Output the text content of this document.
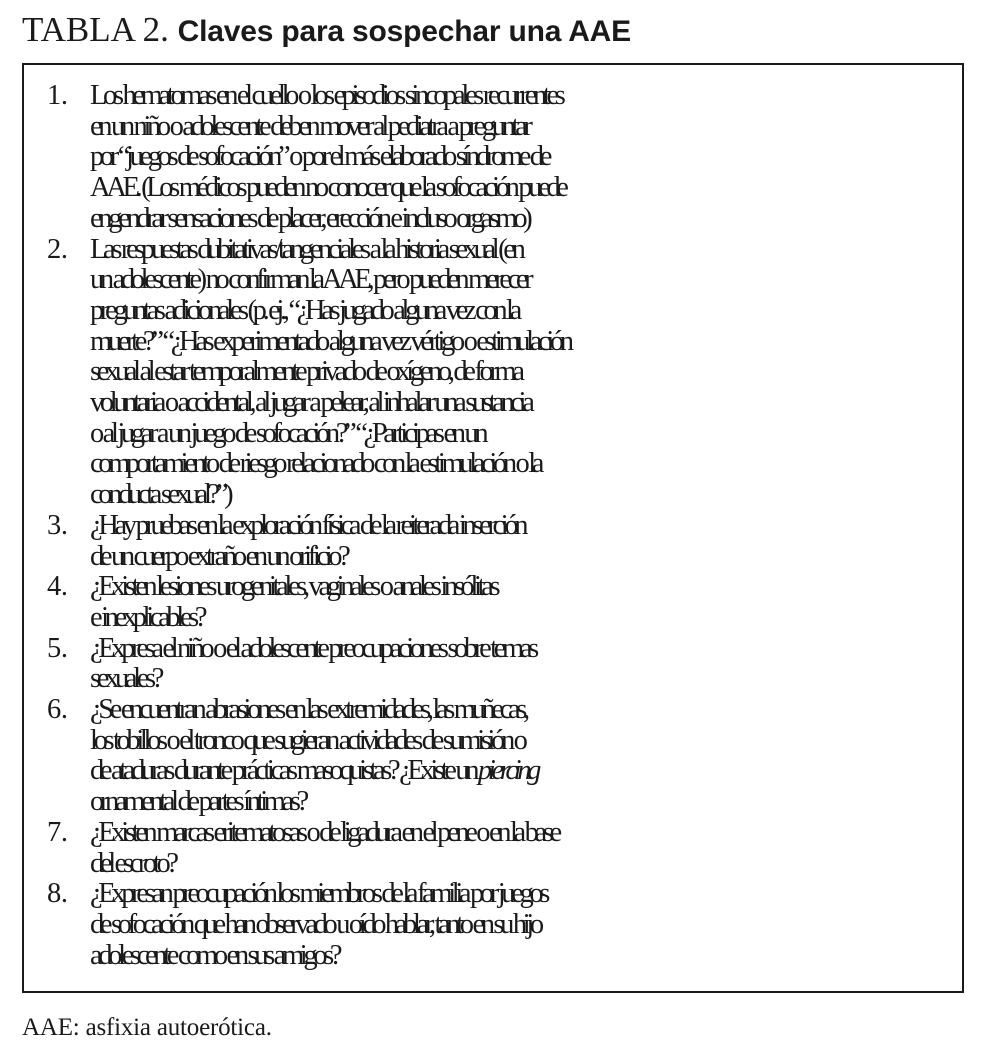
TABLA 2. Claves para sospechar una AAE
1. Los hematomas en el cuello o los episodios sincopales recurrentes
en un niño o adolescente deben mover al pediatra a preguntar
por “juegos de sofocación” o por el más elaborado síndrome de
AAE. (Los médicos pueden no conocer que la sofocación puede
engendrar sensaciones de placer, erección e incluso orgasmo)
2. Las respuestas dubitativas/tangenciales a la historia sexual (en
un adolescente) no confirman la AAE, pero pueden merecer
preguntas adicionales (p. ej., “¿Has jugado alguna vez con la
muerte?” “¿Has experimentado alguna vez vértigo o estimulación
sexual al estar temporalmente privado de oxígeno, de forma
voluntaria o accidental, al jugar a pelear, al inhalar una sustancia
o al jugar a un juego de sofocación?” “¿Participas en un
comportamiento de riesgo relacionado con la estimulación o la
conducta sexual?”)
3. ¿Hay pruebas en la exploración física de la reiterada inserción
de un cuerpo extraño en un orificio?
4. ¿Existen lesiones urogenitales, vaginales o anales insólitas
e inexplicables?
5. ¿Expresa el niño o el adolescente preocupaciones sobre temas
sexuales?
6. ¿Se encuentran abrasiones en las extremidades, las muñecas,
los tobillos o el tronco que sugieran actividades de sumisión o
de ataduras durante prácticas masoquistas? ¿Existe un piercing
ornamental de partes íntimas?
7. ¿Existen marcas eritematosas o de ligadura en el pene o en la base
del escroto?
8. ¿Expresan preocupación los miembros de la familia por juegos
de sofocación que han observado u oído hablar, tanto en su hijo
adolescente como en sus amigos?

AAE: asfixia autoerótica.
